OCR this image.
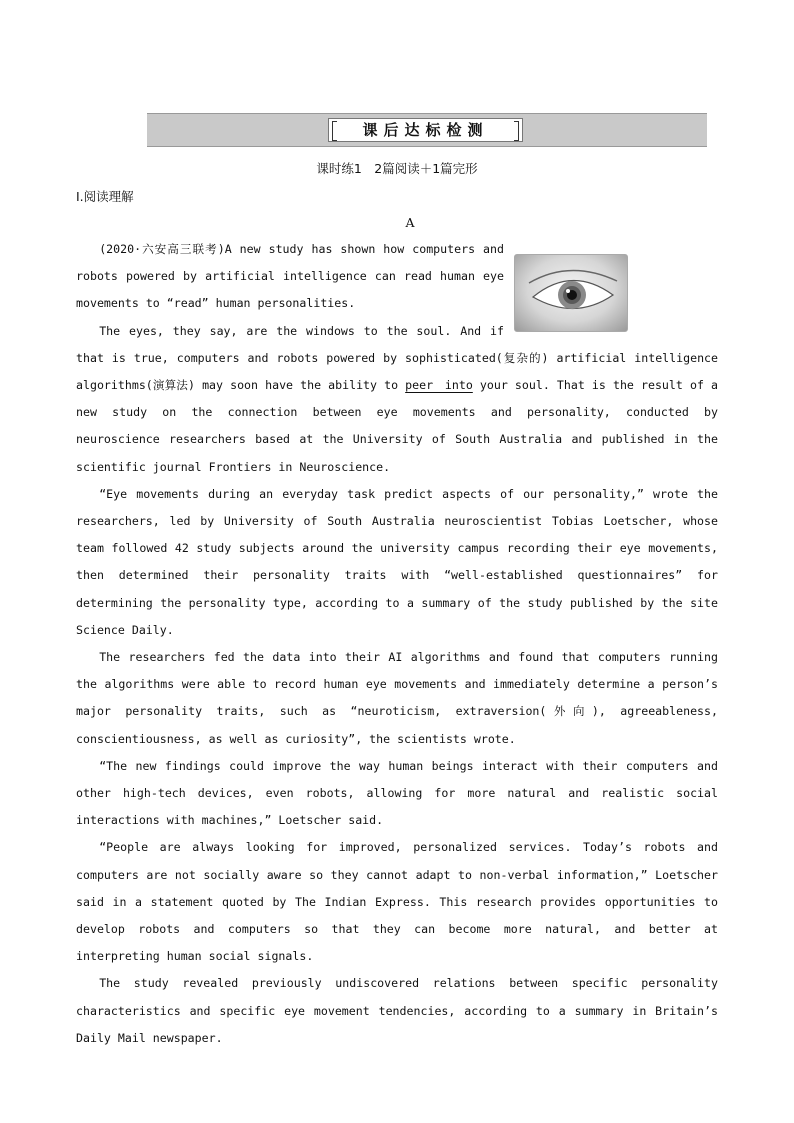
课后达标检测
课时练1　2篇阅读＋1篇完形
Ⅰ.阅读理解
A

(2020·六安高三联考)A new study has shown how computers and robots powered by artificial intelligence can read human eye movements to “read” human personalities.

The eyes, they say, are the windows to the soul. And if that is true, computers and robots powered by sophisticated(复杂的) artificial intelligence algorithms(演算法) may soon have the ability to peer　into your soul. That is the result of a new study on the connection between eye movements and personality, conducted by neuroscience researchers based at the University of South Australia and published in the scientific journal Frontiers in Neuroscience.

“Eye movements during an everyday task predict aspects of our personality,” wrote the researchers, led by University of South Australia neuroscientist Tobias Loetscher, whose team followed 42 study subjects around the university campus recording their eye movements, then determined their personality traits with “well-established questionnaires” for determining the personality type, according to a summary of the study published by the site Science Daily.

The researchers fed the data into their AI algorithms and found that computers running the algorithms were able to record human eye movements and immediately determine a person’s major personality traits, such as “neuroticism, extraversion(外向), agreeableness, conscientiousness, as well as curiosity”, the scientists wrote.

“The new findings could improve the way human beings interact with their computers and other high-tech devices, even robots, allowing for more natural and realistic social interactions with machines,” Loetscher said.

“People are always looking for improved, personalized services. Today’s robots and computers are not socially aware so they cannot adapt to non-verbal information,” Loetscher said in a statement quoted by The Indian Express. This research provides opportunities to develop robots and computers so that they can become more natural, and better at interpreting human social signals.

The study revealed previously undiscovered relations between specific personality characteristics and specific eye movement tendencies, according to a summary in Britain’s Daily Mail newspaper.
